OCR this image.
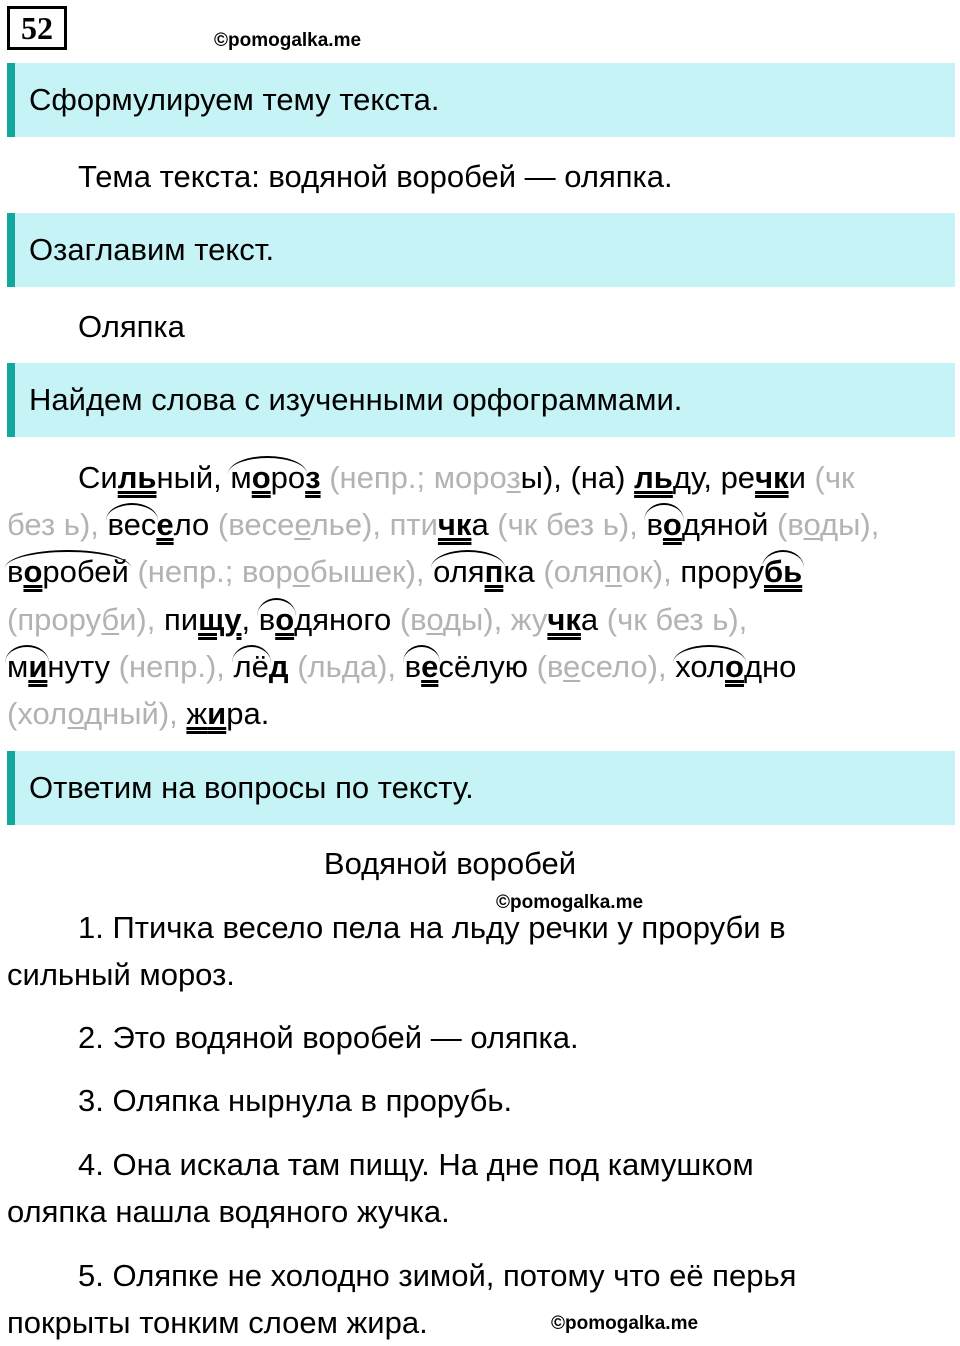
52	©pomogalka.me
Сформулируем тему текста.
Тема текста: водяной воробей — оляпка.
Озаглавим текст.
Оляпка
Найдем слова с изученными орфограммами.
Сильный, мороз (непр.; морозы), (на) льду, речки (чк
без ь), весело (весеелье), птичка (чк без ь), водяной (воды),
воробей (непр.; воробышек), оляпка (оляпок), прорубь
(проруби), пищу, водяного (воды), жучка (чк без ь),
минуту (непр.), лёд (льда), весёлую (весело), холодно
(холодный), жира.
Ответим на вопросы по тексту.
Водяной воробей
©pomogalka.me
1. Птичка весело пела на льду речки у проруби в
сильный мороз.
2. Это водяной воробей — оляпка.
3. Оляпка нырнула в прорубь.
4. Она искала там пищу. На дне под камушком
оляпка нашла водяного жучка.
5. Оляпке не холодно зимой, потому что её перья
покрыты тонким слоем жира.	©pomogalka.me
